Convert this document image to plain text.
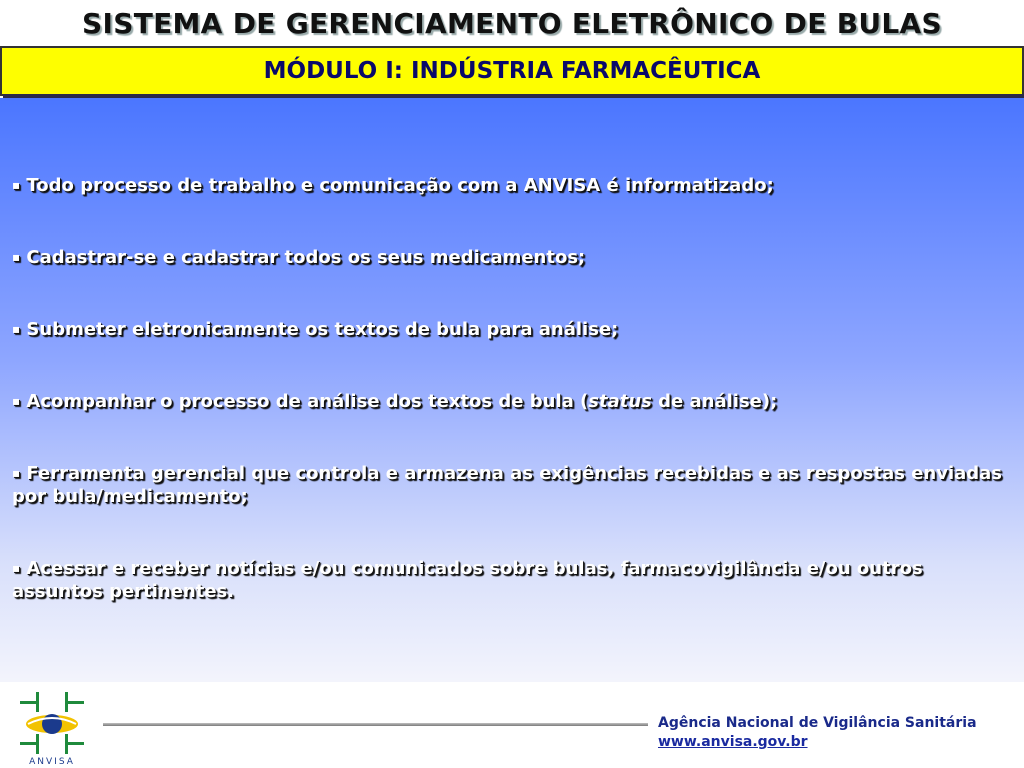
SISTEMA DE GERENCIAMENTO ELETRÔNICO DE BULAS
MÓDULO I: INDÚSTRIA FARMACÊUTICA

▪ Todo processo de trabalho e comunicação com a ANVISA é informatizado;

▪ Cadastrar-se e cadastrar todos os seus medicamentos;

▪ Submeter eletronicamente os textos de bula para análise;

▪ Acompanhar o processo de análise dos textos de bula (status de análise);

▪ Ferramenta gerencial que controla e armazena as exigências recebidas e as respostas enviadas por bula/medicamento;

▪ Acessar e receber notícias e/ou comunicados sobre bulas, farmacovigilância e/ou outros assuntos pertinentes.

ANVISA
Agência Nacional de Vigilância Sanitária
www.anvisa.gov.br
